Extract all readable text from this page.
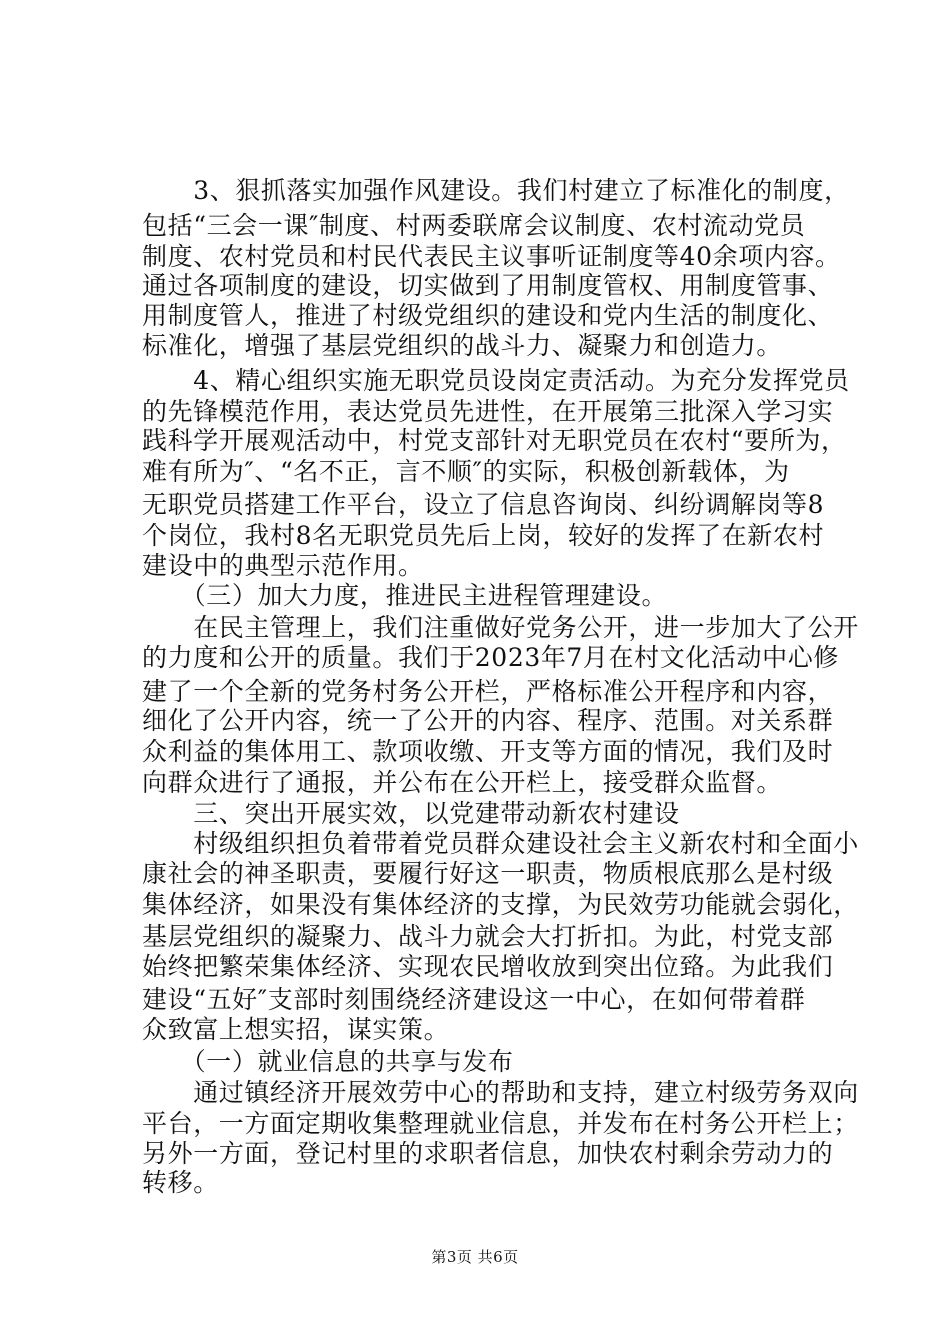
　　3、狠抓落实加强作风建设。我们村建立了标准化的制度，
包括“三会一课″制度、村两委联席会议制度、农村流动党员
制度、农村党员和村民代表民主议事听证制度等40余项内容。
通过各项制度的建设，切实做到了用制度管权、用制度管事、
用制度管人，推进了村级党组织的建设和党内生活的制度化、
标准化，增强了基层党组织的战斗力、凝聚力和创造力。
　　4、精心组织实施无职党员设岗定责活动。为充分发挥党员
的先锋模范作用，表达党员先进性，在开展第三批深入学习实
践科学开展观活动中，村党支部针对无职党员在农村“要所为，
难有所为″、“名不正，言不顺″的实际，积极创新载体，为
无职党员搭建工作平台，设立了信息咨询岗、纠纷调解岗等8
个岗位，我村8名无职党员先后上岗，较好的发挥了在新农村
建设中的典型示范作用。
　　（三）加大力度，推进民主进程管理建设。
　　在民主管理上，我们注重做好党务公开，进一步加大了公开
的力度和公开的质量。我们于2023年7月在村文化活动中心修
建了一个全新的党务村务公开栏，严格标准公开程序和内容，
细化了公开内容，统一了公开的内容、程序、范围。对关系群
众利益的集体用工、款项收缴、开支等方面的情况，我们及时
向群众进行了通报，并公布在公开栏上，接受群众监督。
　　三、突出开展实效，以党建带动新农村建设
　　村级组织担负着带着党员群众建设社会主义新农村和全面小
康社会的神圣职责，要履行好这一职责，物质根底那么是村级
集体经济，如果没有集体经济的支撑，为民效劳功能就会弱化，
基层党组织的凝聚力、战斗力就会大打折扣。为此，村党支部
始终把繁荣集体经济、实现农民增收放到突出位臵。为此我们
建设“五好″支部时刻围绕经济建设这一中心，在如何带着群
众致富上想实招，谋实策。
　　（一）就业信息的共享与发布
　　通过镇经济开展效劳中心的帮助和支持，建立村级劳务双向
平台，一方面定期收集整理就业信息，并发布在村务公开栏上；
另外一方面，登记村里的求职者信息，加快农村剩余劳动力的
转移。
第3页 共6页
